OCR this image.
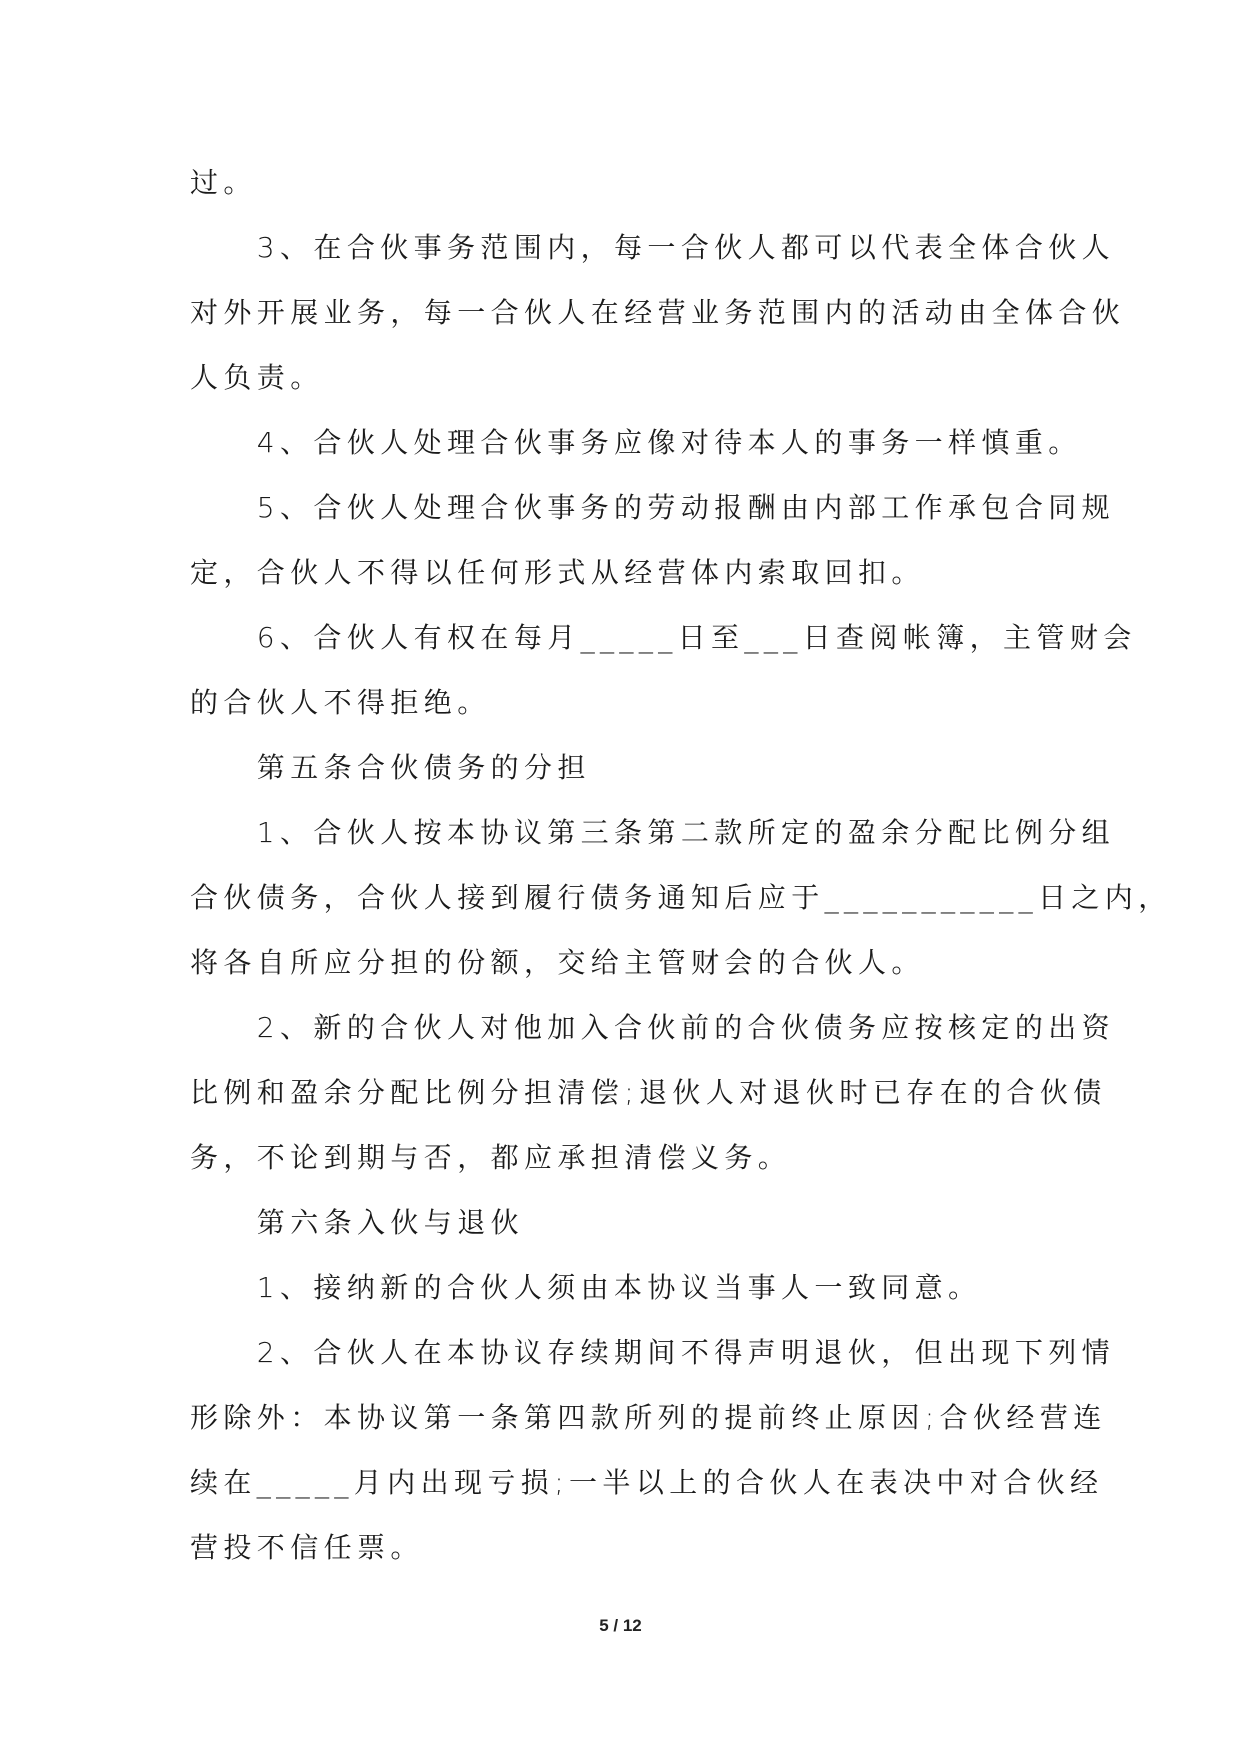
过。
　　3、在合伙事务范围内，每一合伙人都可以代表全体合伙人
对外开展业务，每一合伙人在经营业务范围内的活动由全体合伙
人负责。
　　4、合伙人处理合伙事务应像对待本人的事务一样慎重。
　　5、合伙人处理合伙事务的劳动报酬由内部工作承包合同规
定，合伙人不得以任何形式从经营体内索取回扣。
　　6、合伙人有权在每月_____日至___日查阅帐簿，主管财会
的合伙人不得拒绝。
　　第五条合伙债务的分担
　　1、合伙人按本协议第三条第二款所定的盈余分配比例分组
合伙债务，合伙人接到履行债务通知后应于___________日之内，
将各自所应分担的份额，交给主管财会的合伙人。
　　2、新的合伙人对他加入合伙前的合伙债务应按核定的出资
比例和盈余分配比例分担清偿;退伙人对退伙时已存在的合伙债
务，不论到期与否，都应承担清偿义务。
　　第六条入伙与退伙
　　1、接纳新的合伙人须由本协议当事人一致同意。
　　2、合伙人在本协议存续期间不得声明退伙，但出现下列情
形除外：本协议第一条第四款所列的提前终止原因;合伙经营连
续在_____月内出现亏损;一半以上的合伙人在表决中对合伙经
营投不信任票。
5 / 12
